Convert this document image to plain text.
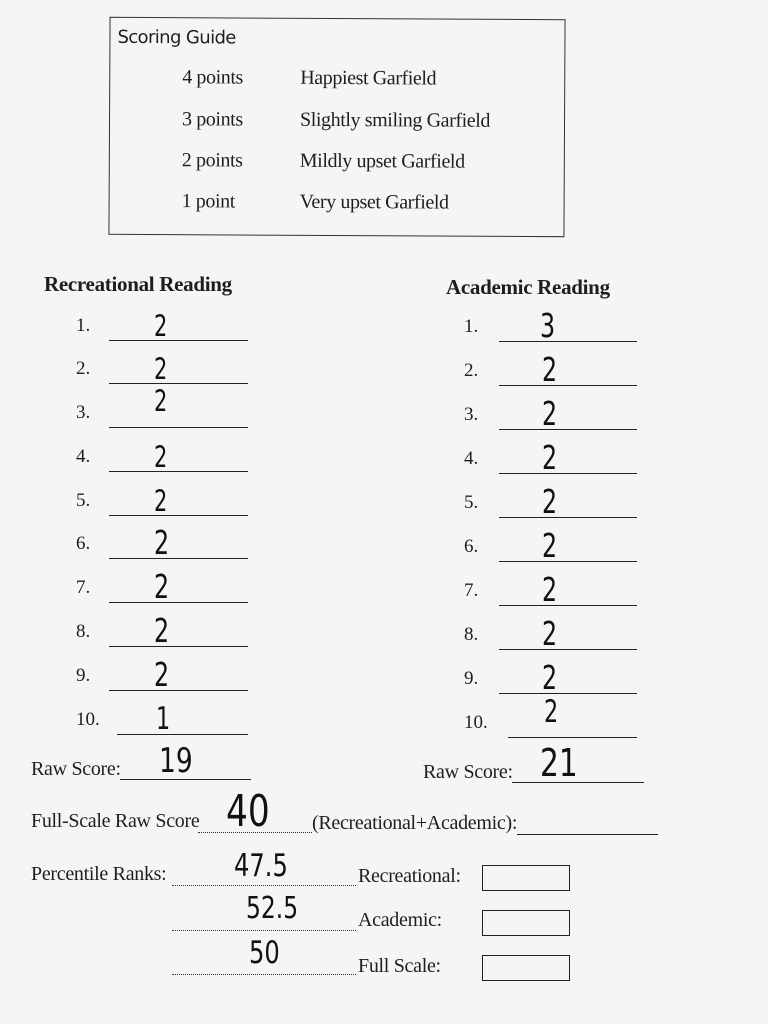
Scoring Guide
4 points	Happiest Garfield
3 points	Slightly smiling Garfield
2 points	Mildly upset Garfield
1 point	Very upset Garfield
Recreational Reading	Academic Reading
1. 2
2. 2
3. 2
4. 2
5. 2
6. 2
7. 2
8. 2
9. 2
10. 1
1. 3
2. 2
3. 2
4. 2
5. 2
6. 2
7. 2
8. 2
9. 2
10. 2
Raw Score: 19	Raw Score: 21
Full-Scale Raw Score 40 (Recreational+Academic):
Percentile Ranks: 47.5	Recreational:
52.5	Academic:
50	Full Scale:
